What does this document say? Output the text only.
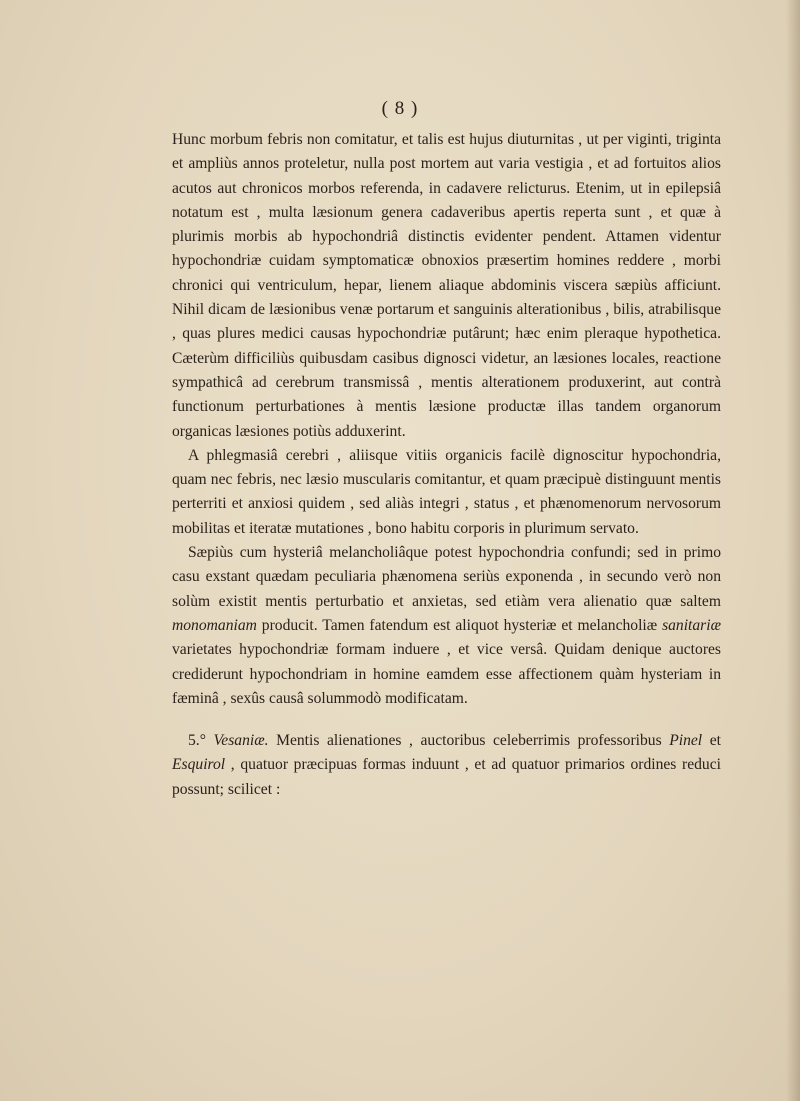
( 8 )

Hunc morbum febris non comitatur, et talis est hujus diuturnitas , ut per viginti, triginta et ampliùs annos proteletur, nulla post mortem aut varia vestigia , et ad fortuitos alios acutos aut chronicos morbos referenda, in cadavere relicturus. Etenim, ut in epilepsiâ notatum est , multa læsionum genera cadaveribus apertis reperta sunt , et quæ à plurimis morbis ab hypochondriâ distinctis evidenter pendent. Attamen videntur hypochondriæ cuidam symptomaticæ obnoxios præsertim homines reddere , morbi chronici qui ventriculum, hepar, lienem aliaque abdominis viscera sæpiùs afficiunt. Nihil dicam de læsionibus venæ portarum et sanguinis alterationibus , bilis, atrabilisque , quas plures medici causas hypochondriæ putârunt; hæc enim pleraque hypothetica. Cæterùm difficiliùs quibusdam casibus dignosci videtur, an læsiones locales, reactione sympathicâ ad cerebrum transmissâ , mentis alterationem produxerint, aut contrà functionum perturbationes à mentis læsione productæ illas tandem organorum organicas læsiones potiùs adduxerint.

A phlegmasiâ cerebri , aliisque vitiis organicis facilè dignoscitur hypochondria, quam nec febris, nec læsio muscularis comitantur, et quam præcipuè distinguunt mentis perterriti et anxiosi quidem , sed aliàs integri , status , et phænomenorum nervosorum mobilitas et iteratæ mutationes , bono habitu corporis in plurimum servato.

Sæpiùs cum hysteriâ melancholiâque potest hypochondria confundi; sed in primo casu exstant quædam peculiaria phænomena seriùs exponenda , in secundo verò non solùm existit mentis perturbatio et anxietas, sed etiàm vera alienatio quæ saltem monomaniam producit. Tamen fatendum est aliquot hysteriæ et melancholiæ sanitariæ varietates hypochondriæ formam induere , et vice versâ. Quidam denique auctores crediderunt hypochondriam in homine eamdem esse affectionem quàm hysteriam in fæminâ , sexûs causâ solummodò modificatam.

5.° Vesaniæ. Mentis alienationes , auctoribus celeberrimis professoribus Pinel et Esquirol , quatuor præcipuas formas induunt , et ad quatuor primarios ordines reduci possunt; scilicet :
